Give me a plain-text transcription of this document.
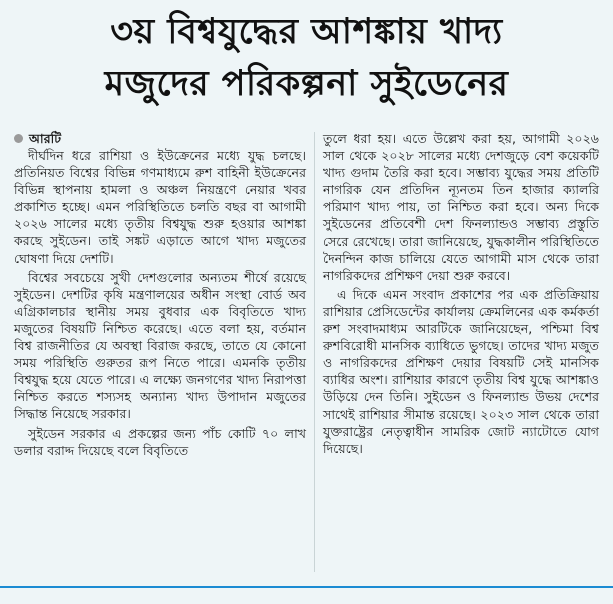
৩য় বিশ্বযুদ্ধের আশঙ্কায় খাদ্য
মজুদের পরিকল্পনা সুইডেনের
আরটি

দীর্ঘদিন ধরে রাশিয়া ও ইউক্রেনের মধ্যে যুদ্ধ চলছে। প্রতিনিয়ত বিশ্বের বিভিন্ন গণমাধ্যমে রুশ বাহিনী ইউক্রেনের বিভিন্ন স্থাপনায় হামলা ও অঞ্চল নিয়ন্ত্রণে নেয়ার খবর প্রকাশিত হচ্ছে। এমন পরিস্থিতিতে চলতি বছর বা আগামী ২০২৬ সালের মধ্যে তৃতীয় বিশ্বযুদ্ধ শুরু হওয়ার আশঙ্কা করছে সুইডেন। তাই সঙ্কট এড়াতে আগে খাদ্য মজুতের ঘোষণা দিয়ে দেশটি।

বিশ্বের সবচেয়ে সুখী দেশগুলোর অন্যতম শীর্ষে রয়েছে সুইডেন। দেশটির কৃষি মন্ত্রণালয়ের অধীন সংস্থা বোর্ড অব এগ্রিকালচার স্থানীয় সময় বুধবার এক বিবৃতিতে খাদ্য মজুতের বিষয়টি নিশ্চিত করেছে। এতে বলা হয়, বর্তমান বিশ্ব রাজনীতির যে অবস্থা বিরাজ করছে, তাতে যে কোনো সময় পরিস্থিতি গুরুতর রূপ নিতে পারে। এমনকি তৃতীয় বিশ্বযুদ্ধ হয়ে যেতে পারে। এ লক্ষ্যে জনগণের খাদ্য নিরাপত্তা নিশ্চিত করতে শস্যসহ অন্যান্য খাদ্য উপাদান মজুতের সিদ্ধান্ত নিয়েছে সরকার।

সুইডেন সরকার এ প্রকল্পের জন্য পাঁচ কোটি ৭০ লাখ ডলার বরাদ্দ দিয়েছে বলে বিবৃতিতে

তুলে ধরা হয়। এতে উল্লেখ করা হয়, আগামী ২০২৬ সাল থেকে ২০২৮ সালের মধ্যে দেশজুড়ে বেশ কয়েকটি খাদ্য গুদাম তৈরি করা হবে। সম্ভাব্য যুদ্ধের সময় প্রতিটি নাগরিক যেন প্রতিদিন ন্যূনতম তিন হাজার ক্যালরি পরিমাণ খাদ্য পায়, তা নিশ্চিত করা হবে। অন্য দিকে সুইডেনের প্রতিবেশী দেশ ফিনল্যান্ডও সম্ভাব্য প্রস্তুতি সেরে রেখেছে। তারা জানিয়েছে, যুদ্ধকালীন পরিস্থিতিতে দৈনন্দিন কাজ চালিয়ে যেতে আগামী মাস থেকে তারা নাগরিকদের প্রশিক্ষণ দেয়া শুরু করবে।

এ দিকে এমন সংবাদ প্রকাশের পর এক প্রতিক্রিয়ায় রাশিয়ার প্রেসিডেন্টের কার্যালয় ক্রেমলিনের এক কর্মকর্তা রুশ সংবাদমাধ্যম আরটিকে জানিয়েছেন, পশ্চিমা বিশ্ব রুশবিরোধী মানসিক ব্যাধিতে ভুগছে। তাদের খাদ্য মজুত ও নাগরিকদের প্রশিক্ষণ দেয়ার বিষয়টি সেই মানসিক ব্যাধির অংশ। রাশিয়ার কারণে তৃতীয় বিশ্ব যুদ্ধে আশঙ্কাও উড়িয়ে দেন তিনি। সুইডেন ও ফিনল্যান্ড উভয় দেশের সাথেই রাশিয়ার সীমান্ত রয়েছে। ২০২৩ সাল থেকে তারা যুক্তরাষ্ট্রের নেতৃত্বাধীন সামরিক জোট ন্যাটোতে যোগ দিয়েছে।
